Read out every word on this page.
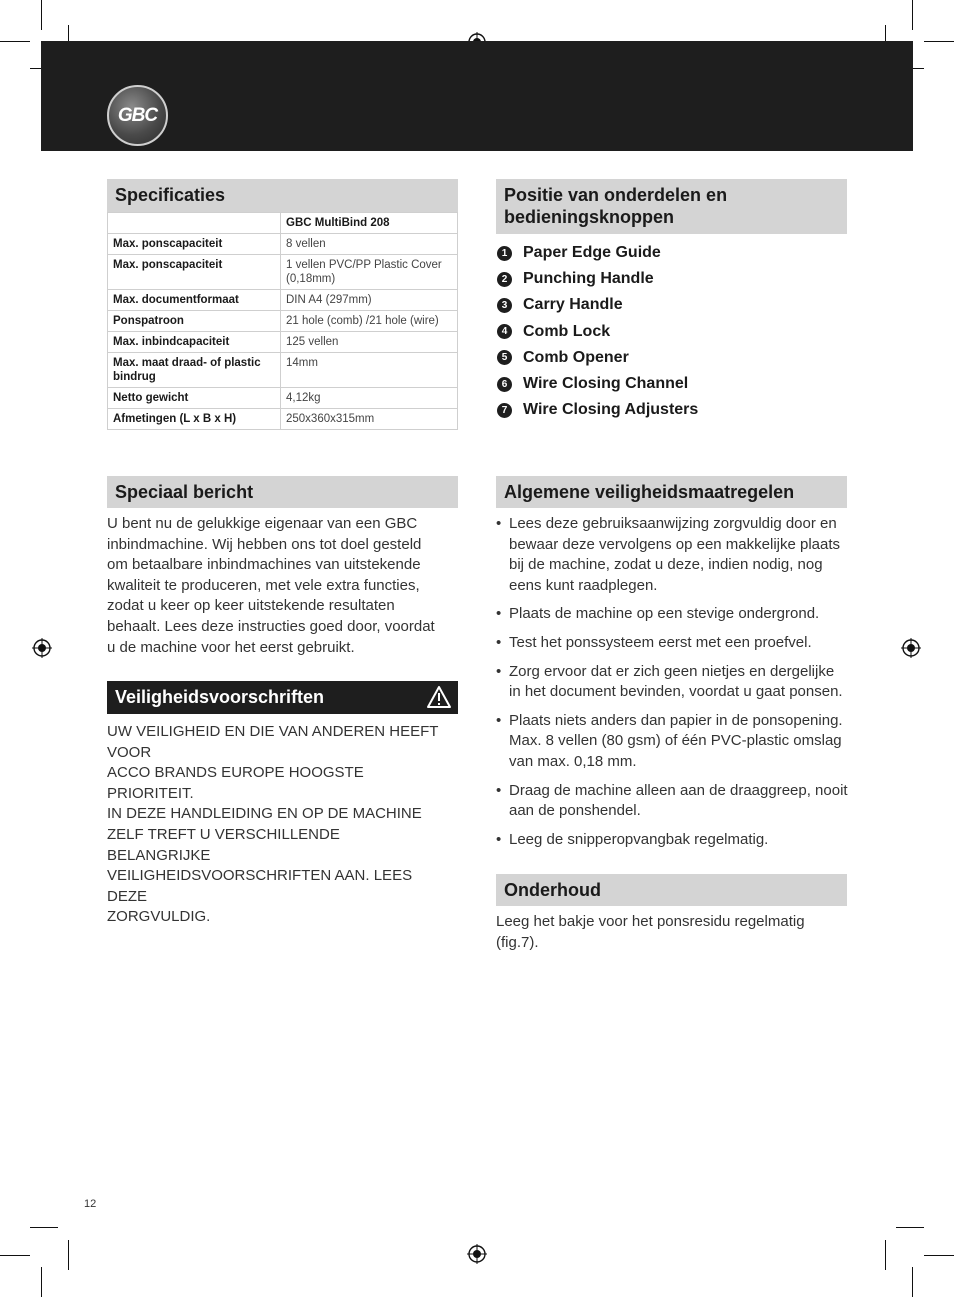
GBC
Specificaties
	GBC MultiBind 208
Max. ponscapaciteit	8 vellen
Max. ponscapaciteit	1 vellen PVC/PP Plastic Cover (0,18mm)
Max. documentformaat	DIN A4 (297mm)
Ponspatroon	21 hole (comb) /21 hole (wire)
Max. inbindcapaciteit	125 vellen
Max. maat draad- of plastic bindrug	14mm
Netto gewicht	4,12kg
Afmetingen (L x B x H)	250x360x315mm
Positie van onderdelen en bedieningsknoppen
1 Paper Edge Guide
2 Punching Handle
3 Carry Handle
4 Comb Lock
5 Comb Opener
6 Wire Closing Channel
7 Wire Closing Adjusters
Speciaal bericht
U bent nu de gelukkige eigenaar van een GBC inbindmachine. Wij hebben ons tot doel gesteld om betaalbare inbindmachines van uitstekende kwaliteit te produceren, met vele extra functies, zodat u keer op keer uitstekende resultaten behaalt. Lees deze instructies goed door, voordat u de machine voor het eerst gebruikt.
Veiligheidsvoorschriften
UW VEILIGHEID EN DIE VAN ANDEREN HEEFT VOOR
ACCO BRANDS EUROPE HOOGSTE PRIORITEIT.
IN DEZE HANDLEIDING EN OP DE MACHINE
ZELF TREFT U VERSCHILLENDE BELANGRIJKE
VEILIGHEIDSVOORSCHRIFTEN AAN. LEES DEZE
ZORGVULDIG.
Algemene veiligheidsmaatregelen
• Lees deze gebruiksaanwijzing zorgvuldig door en bewaar deze vervolgens op een makkelijke plaats bij de machine, zodat u deze, indien nodig, nog eens kunt raadplegen.
• Plaats de machine op een stevige ondergrond.
• Test het ponssysteem eerst met een proefvel.
• Zorg ervoor dat er zich geen nietjes en dergelijke in het document bevinden, voordat u gaat ponsen.
• Plaats niets anders dan papier in de ponsopening. Max. 8 vellen (80 gsm) of één PVC-plastic omslag van max. 0,18 mm.
• Draag de machine alleen aan de draaggreep, nooit aan de ponshendel.
• Leeg de snipperopvangbak regelmatig.
Onderhoud
Leeg het bakje voor het ponsresidu regelmatig (fig.7).
12
